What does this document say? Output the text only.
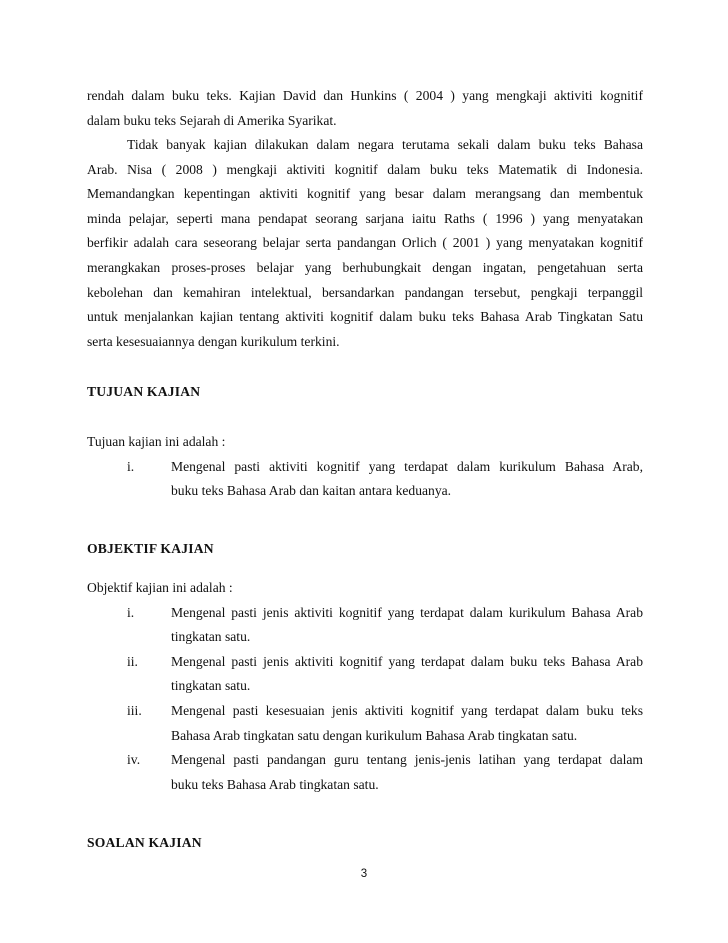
rendah dalam buku teks. Kajian David dan Hunkins ( 2004 ) yang mengkaji aktiviti kognitif
dalam buku teks Sejarah di Amerika Syarikat.
Tidak banyak kajian dilakukan dalam negara terutama sekali dalam buku teks Bahasa
Arab. Nisa ( 2008 ) mengkaji aktiviti kognitif dalam buku teks Matematik di Indonesia.
Memandangkan kepentingan aktiviti kognitif yang besar dalam merangsang dan membentuk
minda pelajar, seperti mana pendapat seorang sarjana iaitu Raths ( 1996 ) yang menyatakan
berfikir adalah cara seseorang belajar serta pandangan Orlich ( 2001 ) yang menyatakan kognitif
merangkakan proses-proses belajar yang berhubungkait dengan ingatan, pengetahuan serta
kebolehan dan kemahiran intelektual, bersandarkan pandangan tersebut, pengkaji terpanggil
untuk menjalankan kajian tentang aktiviti kognitif dalam buku teks Bahasa Arab Tingkatan Satu
serta kesesuaiannya dengan kurikulum terkini.
TUJUAN KAJIAN
Tujuan kajian ini adalah :
i.	Mengenal pasti aktiviti kognitif yang terdapat dalam kurikulum Bahasa Arab,
buku teks Bahasa Arab dan kaitan antara keduanya.
OBJEKTIF KAJIAN
Objektif kajian ini adalah :
i.	Mengenal pasti jenis aktiviti kognitif yang terdapat dalam kurikulum Bahasa Arab
tingkatan satu.
ii. Mengenal pasti jenis aktiviti kognitif yang terdapat dalam buku teks Bahasa Arab
tingkatan satu.
iii. Mengenal pasti kesesuaian jenis aktiviti kognitif yang terdapat dalam buku teks
Bahasa Arab tingkatan satu dengan kurikulum Bahasa Arab tingkatan satu.
iv. Mengenal pasti pandangan guru tentang jenis-jenis latihan yang terdapat dalam
buku teks Bahasa Arab tingkatan satu.
SOALAN KAJIAN
3
